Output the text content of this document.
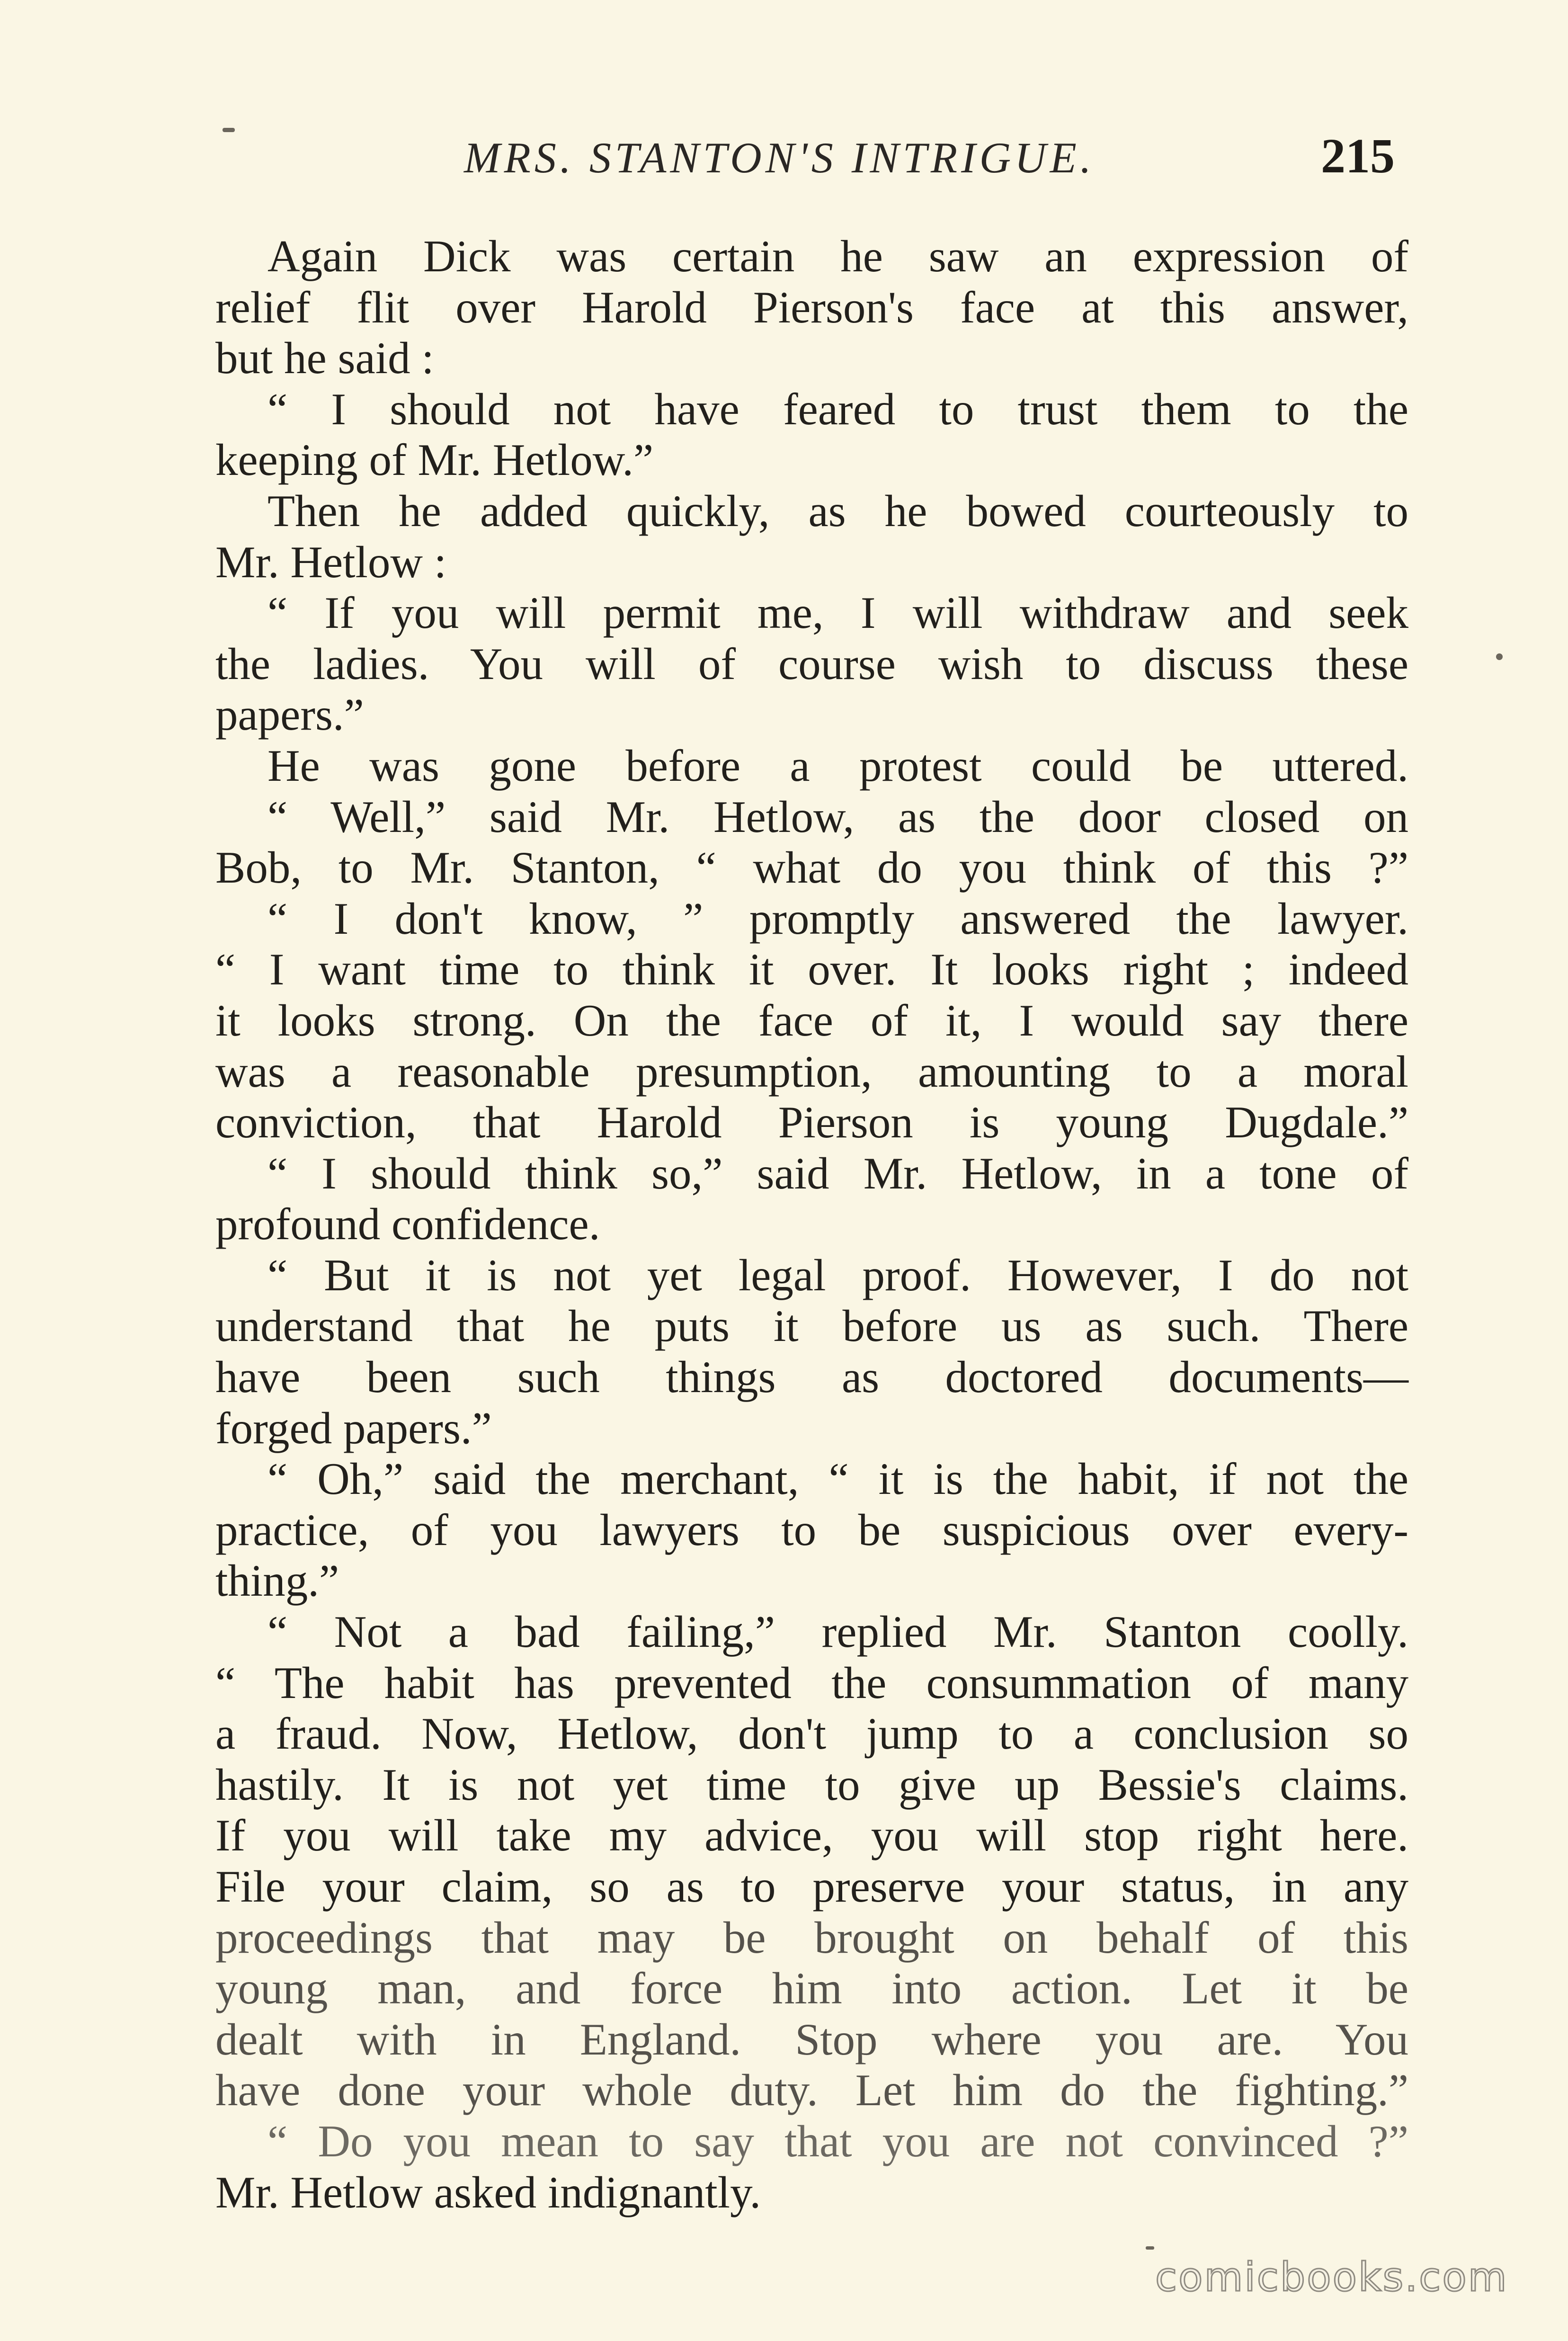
MRS. STANTON'S INTRIGUE.	215
Again Dick was certain he saw an expression of
relief flit over Harold Pierson's face at this answer,
but he said :
“ I should not have feared to trust them to the
keeping of Mr. Hetlow.”
Then he added quickly, as he bowed courteously to
Mr. Hetlow :
“ If you will permit me, I will withdraw and seek
the ladies. You will of course wish to discuss these
papers.”
He was gone before a protest could be uttered.
“ Well,” said Mr. Hetlow, as the door closed on
Bob, to Mr. Stanton, “ what do you think of this ?”
“ I don't know, ” promptly answered the lawyer.
“ I want time to think it over. It looks right ; indeed
it looks strong. On the face of it, I would say there
was a reasonable presumption, amounting to a moral
conviction, that Harold Pierson is young Dugdale.”
“ I should think so,” said Mr. Hetlow, in a tone of
profound confidence.
“ But it is not yet legal proof. However, I do not
understand that he puts it before us as such. There
have been such things as doctored documents—
forged papers.”
“ Oh,” said the merchant, “ it is the habit, if not the
practice, of you lawyers to be suspicious over every-
thing.”
“ Not a bad failing,” replied Mr. Stanton coolly.
“ The habit has prevented the consummation of many
a fraud. Now, Hetlow, don't jump to a conclusion so
hastily. It is not yet time to give up Bessie's claims.
If you will take my advice, you will stop right here.
File your claim, so as to preserve your status, in any
proceedings that may be brought on behalf of this
young man, and force him into action. Let it be
dealt with in England. Stop where you are. You
have done your whole duty. Let him do the fighting.”
“ Do you mean to say that you are not convinced ?”
Mr. Hetlow asked indignantly.
comicbooks.com
